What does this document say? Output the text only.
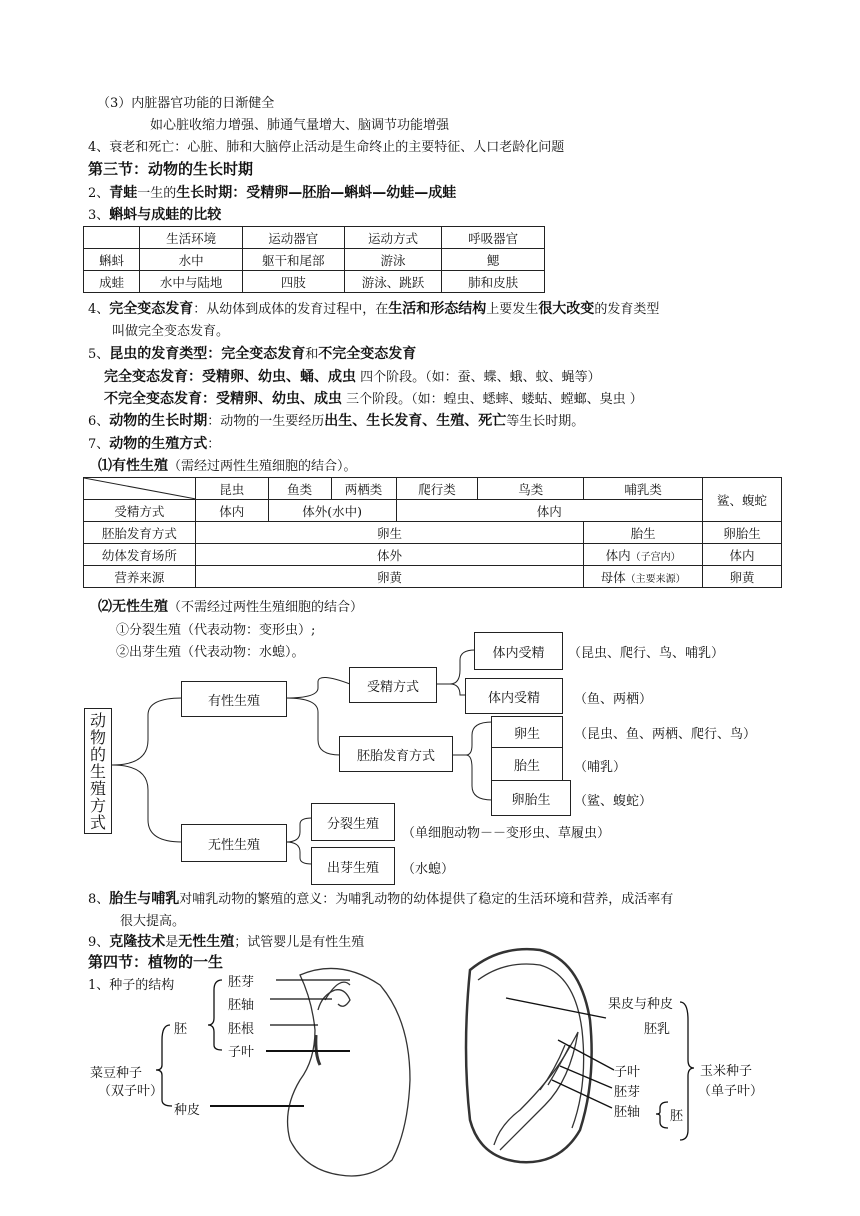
（3）内脏器官功能的日渐健全
如心脏收缩力增强、肺通气量增大、脑调节功能增强
4、衰老和死亡：心脏、肺和大脑停止活动是生命终止的主要特征、人口老龄化问题
第三节：动物的生长时期
2、青蛙一生的生长时期：受精卵—胚胎—蝌蚪—幼蛙—成蛙
3、蝌蚪与成蛙的比较
	生活环境	运动器官	运动方式	呼吸器官
蝌蚪	水中	躯干和尾部	游泳	鳃
成蛙	水中与陆地	四肢	游泳、跳跃	肺和皮肤
4、完全变态发育：从幼体到成体的发育过程中，在生活和形态结构上要发生很大改变的发育类型
叫做完全变态发育。
5、昆虫的发育类型：完全变态发育和不完全变态发育
完全变态发育：受精卵、幼虫、蛹、成虫 四个阶段。（如：蚕、蝶、蛾、蚊、蝇等）
不完全变态发育：受精卵、幼虫、成虫 三个阶段。（如：蝗虫、蟋蟀、蝼蛄、螳螂、臭虫 ）
6、动物的生长时期：动物的一生要经历出生、生长发育、生殖、死亡等生长时期。
7、动物的生殖方式：
⑴有性生殖（需经过两性生殖细胞的结合）。
	昆虫	鱼类	两栖类	爬行类	鸟类	哺乳类	鲨、蝮蛇
受精方式	体内	体外(水中)		体内			
胚胎发育方式	卵生					胎生	卵胎生
幼体发育场所	体外					体内（子宫内）	体内
营养来源	卵黄					母体（主要来源）	卵黄
⑵无性生殖（不需经过两性生殖细胞的结合）
①分裂生殖（代表动物：变形虫）;
②出芽生殖（代表动物：水螅）。
动
物
的
生
殖
方
式
有性生殖
受精方式
胚胎发育方式
体内受精
体内受精
（昆虫、爬行、鸟、哺乳）
（鱼、两栖）
卵生
胎生
卵胎生
（昆虫、鱼、两栖、爬行、鸟）
（哺乳）
（鲨、蝮蛇）
无性生殖
分裂生殖
出芽生殖
（单细胞动物－－变形虫、草履虫）
（水螅）
8、胎生与哺乳对哺乳动物的繁殖的意义：为哺乳动物的幼体提供了稳定的生活环境和营养，成活率有
很大提高。
9、克隆技术是无性生殖；试管婴儿是有性生殖
第四节：植物的一生
1、种子的结构	胚芽
胚轴
胚根
子叶
胚
菜豆种子
（双子叶）
种皮
果皮与种皮
胚乳
子叶
胚芽
胚轴 胚
玉米种子
（单子叶）
